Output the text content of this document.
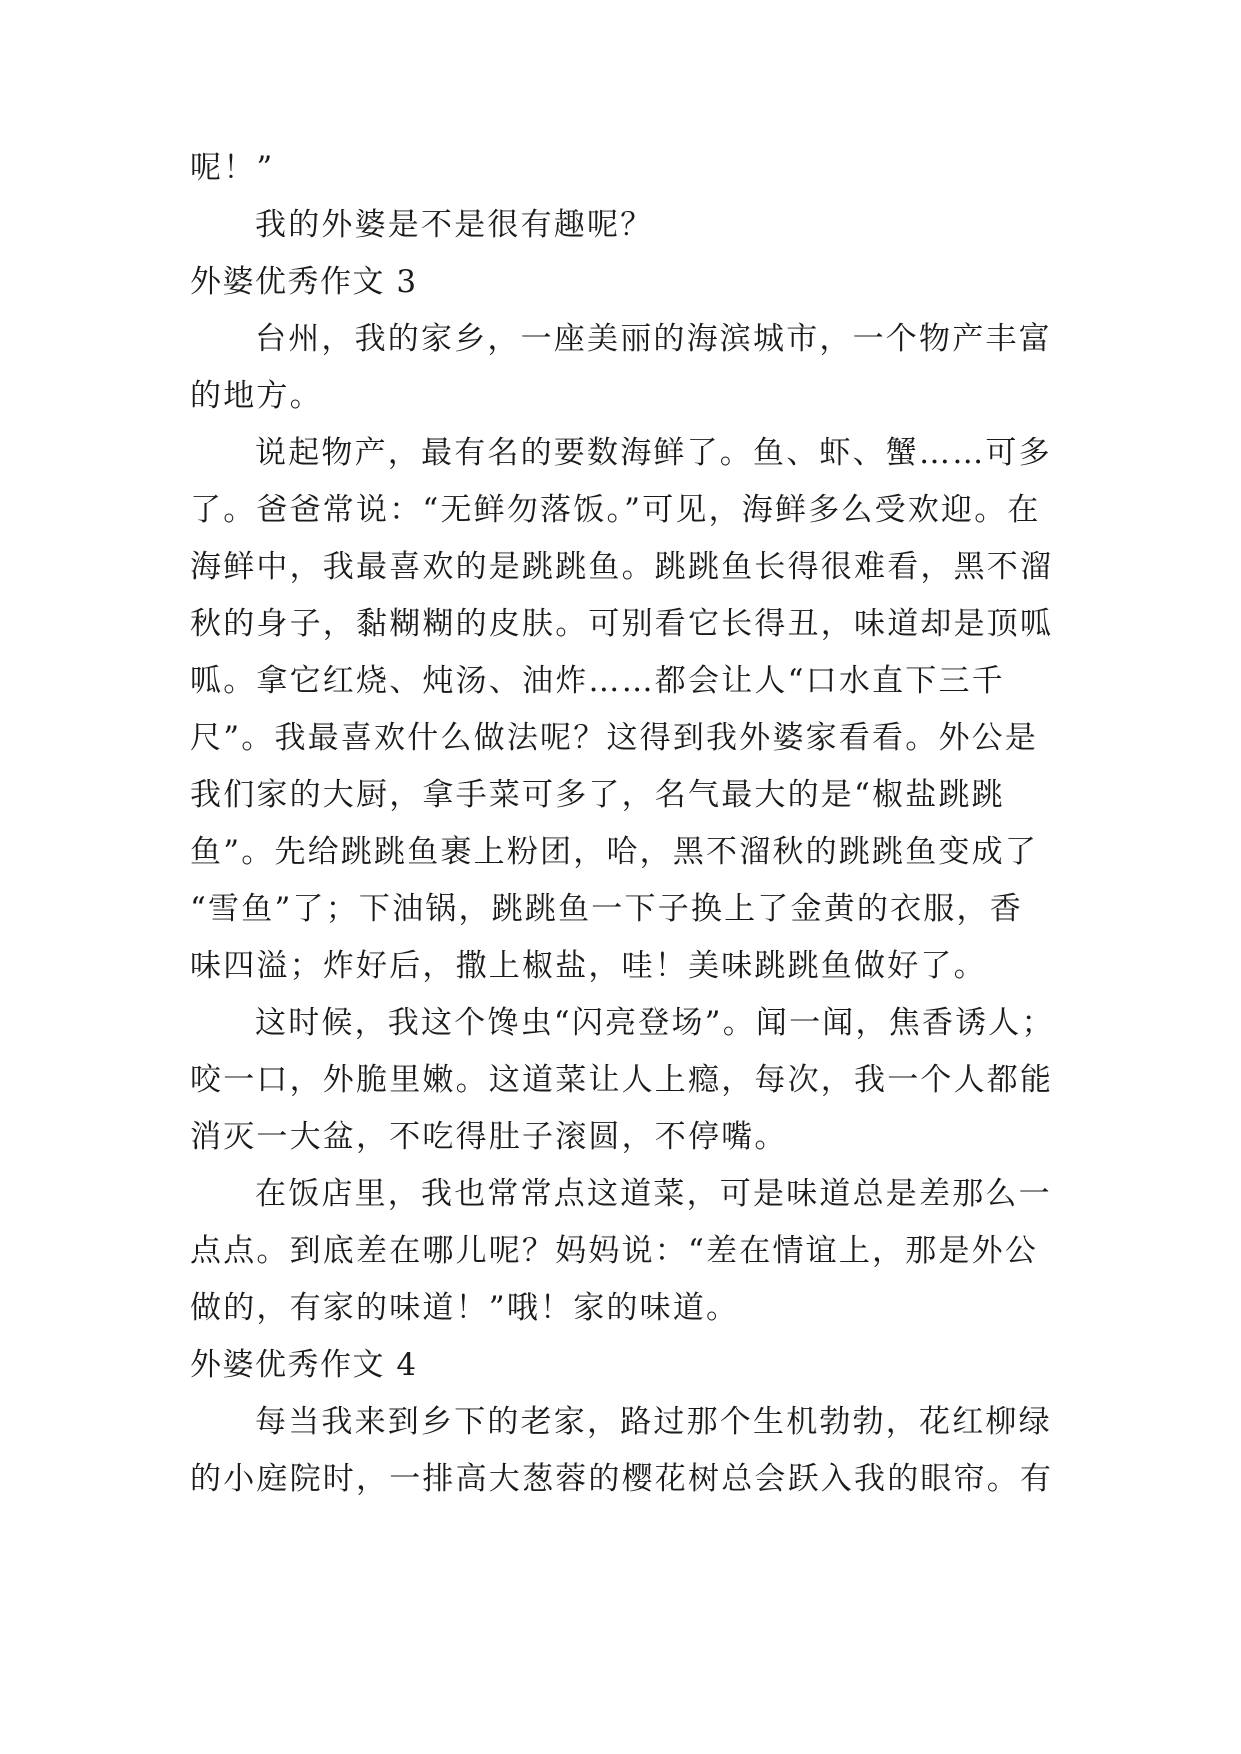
呢！”
我的外婆是不是很有趣呢？
外婆优秀作文 3
台州，我的家乡，一座美丽的海滨城市，一个物产丰富
的地方。
说起物产，最有名的要数海鲜了。鱼、虾、蟹……可多
了。爸爸常说：“无鲜勿落饭。”可见，海鲜多么受欢迎。在
海鲜中，我最喜欢的是跳跳鱼。跳跳鱼长得很难看，黑不溜
秋的身子，黏糊糊的皮肤。可别看它长得丑，味道却是顶呱
呱。拿它红烧、炖汤、油炸……都会让人“口水直下三千
尺”。我最喜欢什么做法呢？这得到我外婆家看看。外公是
我们家的大厨，拿手菜可多了，名气最大的是“椒盐跳跳
鱼”。先给跳跳鱼裹上粉团，哈，黑不溜秋的跳跳鱼变成了
“雪鱼”了；下油锅，跳跳鱼一下子换上了金黄的衣服，香
味四溢；炸好后，撒上椒盐，哇！美味跳跳鱼做好了。
这时候，我这个馋虫“闪亮登场”。闻一闻，焦香诱人；
咬一口，外脆里嫩。这道菜让人上瘾，每次，我一个人都能
消灭一大盆，不吃得肚子滚圆，不停嘴。
在饭店里，我也常常点这道菜，可是味道总是差那么一
点点。到底差在哪儿呢？妈妈说：“差在情谊上，那是外公
做的，有家的味道！”哦！家的味道。
外婆优秀作文 4
每当我来到乡下的老家，路过那个生机勃勃，花红柳绿
的小庭院时，一排高大葱蓉的樱花树总会跃入我的眼帘。有
